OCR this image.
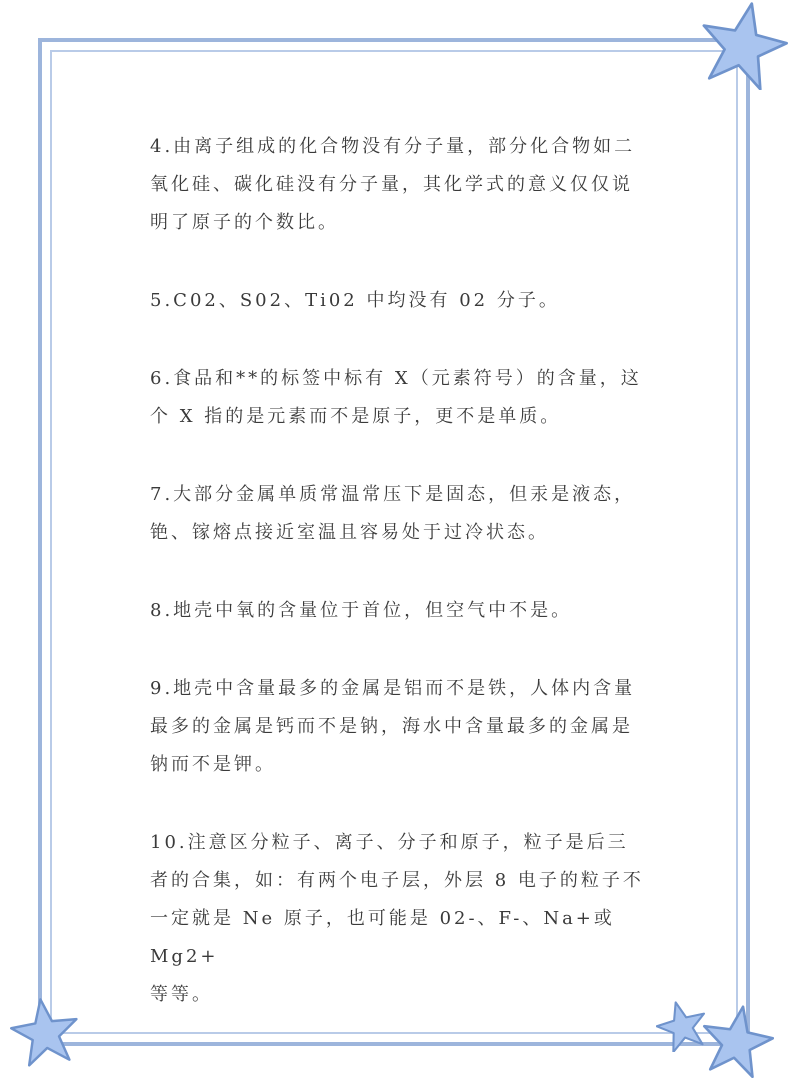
4.由离子组成的化合物没有分子量，部分化合物如二
氧化硅、碳化硅没有分子量，其化学式的意义仅仅说
明了原子的个数比。
5.C02、S02、Ti02 中均没有 02 分子。
6.食品和**的标签中标有 X（元素符号）的含量，这
个 X 指的是元素而不是原子，更不是单质。
7.大部分金属单质常温常压下是固态，但汞是液态，
铯、镓熔点接近室温且容易处于过冷状态。
8.地壳中氧的含量位于首位，但空气中不是。
9.地壳中含量最多的金属是铝而不是铁，人体内含量
最多的金属是钙而不是钠，海水中含量最多的金属是
钠而不是钾。
10.注意区分粒子、离子、分子和原子，粒子是后三
者的合集，如：有两个电子层，外层 8 电子的粒子不
一定就是 Ne 原子，也可能是 02-、F-、Na+或 Mg2+
等等。
